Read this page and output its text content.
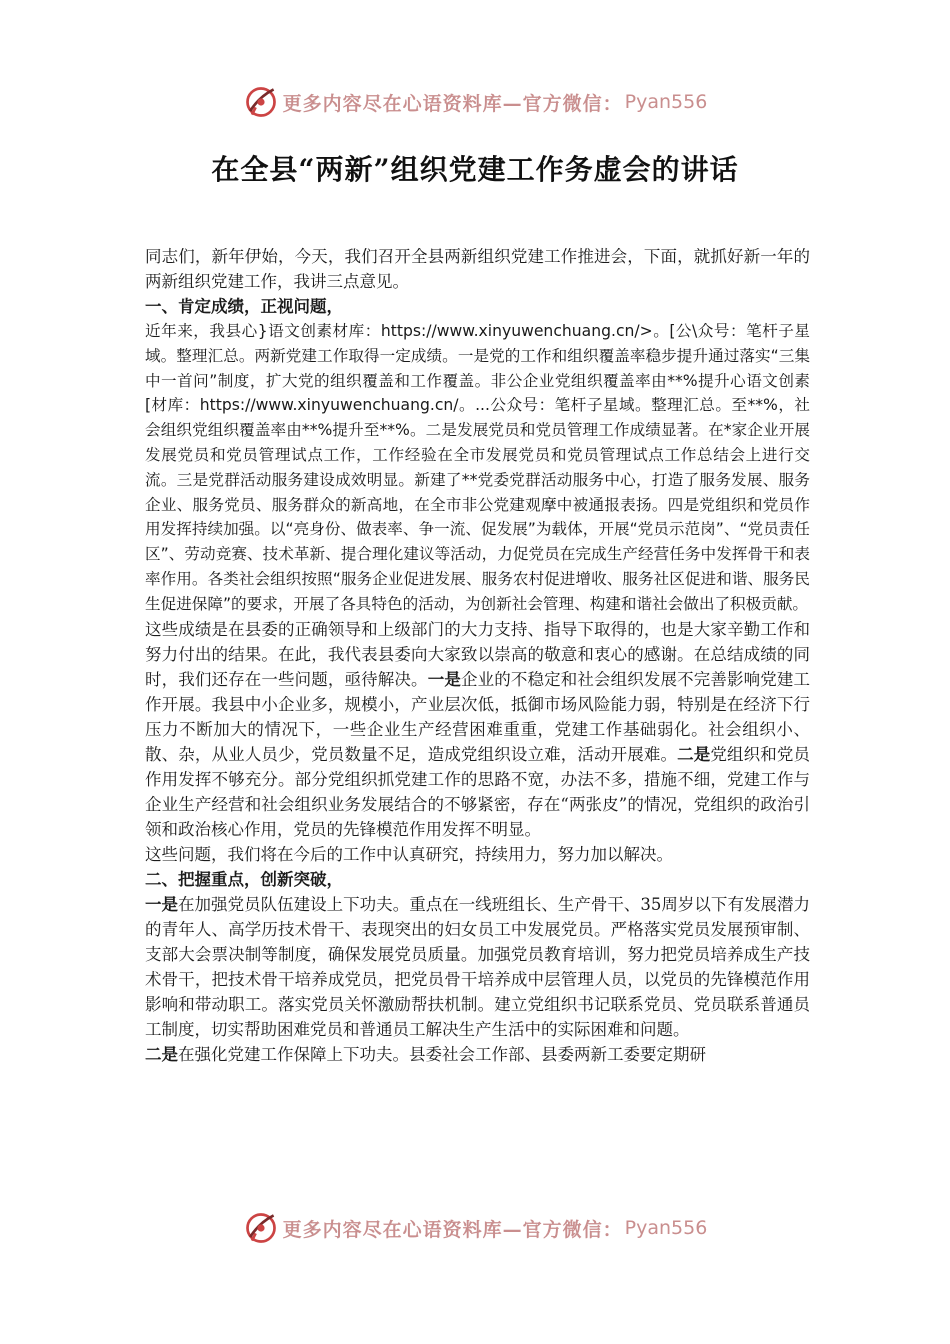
更多内容尽在心语资料库—官方微信： Pyan556
在全县“两新”组织党建工作务虚会的讲话

同志们，新年伊始，今天，我们召开全县两新组织党建工作推进会，下面，就抓好新一年的两新组织党建工作，我讲三点意见。

一、肯定成绩，正视问题，

近年来，我县心}语文创素材库：https://www.xinyuwenchuang.cn/>。[公\众号：笔杆子星域。整理汇总。两新党建工作取得一定成绩。一是党的工作和组织覆盖率稳步提升通过落实“三集中一首问”制度，扩大党的组织覆盖和工作覆盖。非公企业党组织覆盖率由**%提升心语文创素[材库：https://www.xinyuwenchuang.cn/。...公众号：笔杆子星域。整理汇总。至**%，社会组织党组织覆盖率由**%提升至**%。二是发展党员和党员管理工作成绩显著。在*家企业开展发展党员和党员管理试点工作，工作经验在全市发展党员和党员管理试点工作总结会上进行交流。三是党群活动服务建设成效明显。新建了**党委党群活动服务中心，打造了服务发展、服务企业、服务党员、服务群众的新高地，在全市非公党建观摩中被通报表扬。四是党组织和党员作用发挥持续加强。以“亮身份、做表率、争一流、促发展”为载体，开展“党员示范岗”、“党员责任区”、劳动竞赛、技术革新、提合理化建议等活动，力促党员在完成生产经营任务中发挥骨干和表率作用。各类社会组织按照“服务企业促进发展、服务农村促进增收、服务社区促进和谐、服务民生促进保障”的要求，开展了各具特色的活动，为创新社会管理、构建和谐社会做出了积极贡献。

这些成绩是在县委的正确领导和上级部门的大力支持、指导下取得的，也是大家辛勤工作和努力付出的结果。在此，我代表县委向大家致以崇高的敬意和衷心的感谢。在总结成绩的同时，我们还存在一些问题，亟待解决。一是企业的不稳定和社会组织发展不完善影响党建工作开展。我县中小企业多，规模小，产业层次低，抵御市场风险能力弱，特别是在经济下行压力不断加大的情况下，一些企业生产经营困难重重，党建工作基础弱化。社会组织小、散、杂，从业人员少，党员数量不足，造成党组织设立难，活动开展难。二是党组织和党员作用发挥不够充分。部分党组织抓党建工作的思路不宽，办法不多，措施不细，党建工作与企业生产经营和社会组织业务发展结合的不够紧密，存在“两张皮”的情况，党组织的政治引领和政治核心作用，党员的先锋模范作用发挥不明显。

这些问题，我们将在今后的工作中认真研究，持续用力，努力加以解决。

二、把握重点，创新突破，

一是在加强党员队伍建设上下功夫。重点在一线班组长、生产骨干、35周岁以下有发展潜力的青年人、高学历技术骨干、表现突出的妇女员工中发展党员。严格落实党员发展预审制、支部大会票决制等制度，确保发展党员质量。加强党员教育培训，努力把党员培养成生产技术骨干，把技术骨干培养成党员，把党员骨干培养成中层管理人员，以党员的先锋模范作用影响和带动职工。落实党员关怀激励帮扶机制。建立党组织书记联系党员、党员联系普通员工制度，切实帮助困难党员和普通员工解决生产生活中的实际困难和问题。

二是在强化党建工作保障上下功夫。县委社会工作部、县委两新工委要定期研

更多内容尽在心语资料库—官方微信： Pyan556
